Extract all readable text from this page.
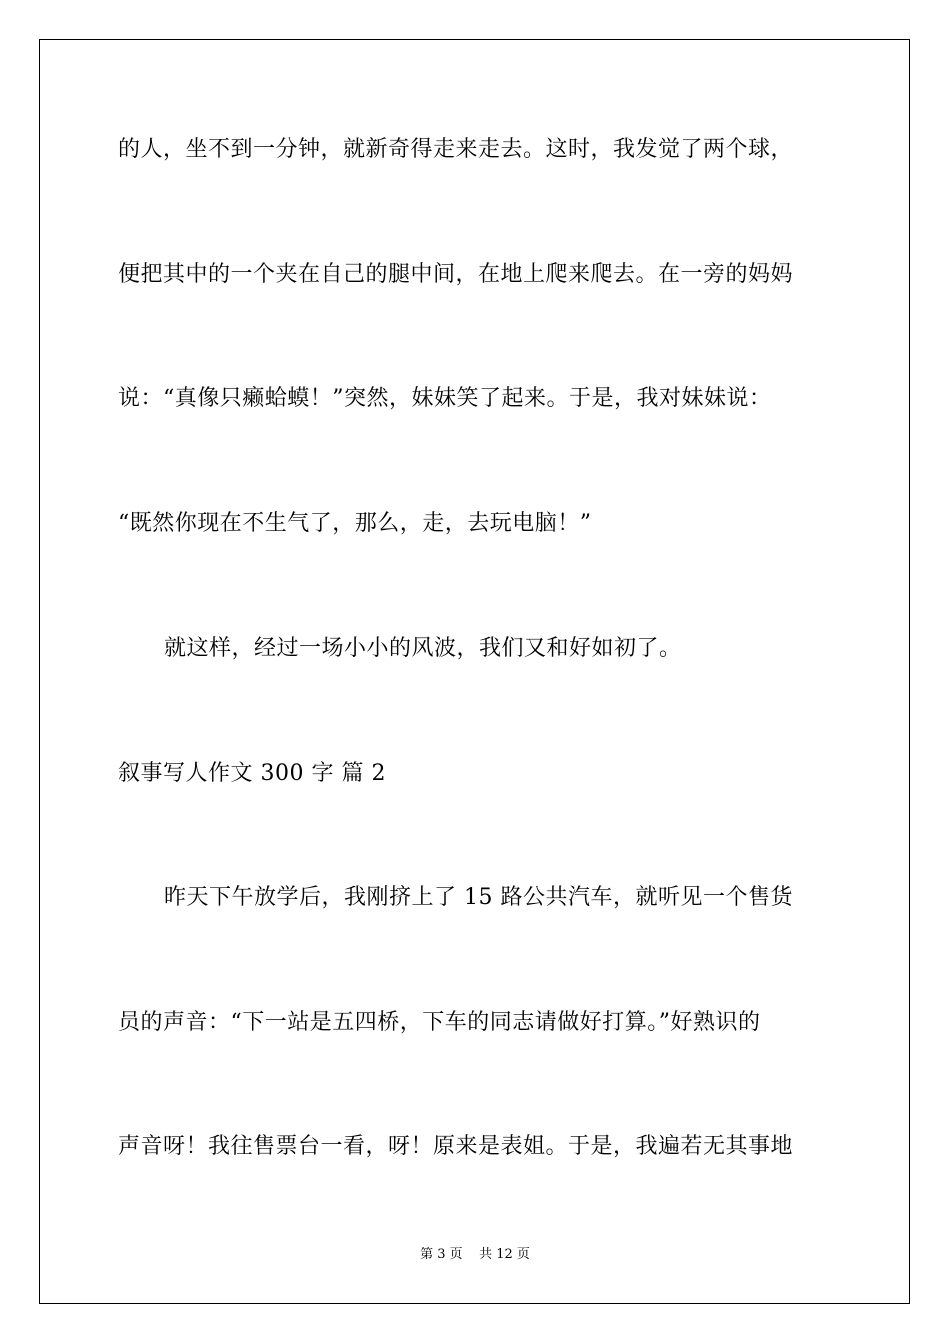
的人，坐不到一分钟，就新奇得走来走去。这时，我发觉了两个球，
便把其中的一个夹在自己的腿中间，在地上爬来爬去。在一旁的妈妈
说：“真像只癞蛤蟆！”突然，妹妹笑了起来。于是，我对妹妹说：
“既然你现在不生气了，那么，走，去玩电脑！”
就这样，经过一场小小的风波，我们又和好如初了。
叙事写人作文 300 字 篇 2
昨天下午放学后，我刚挤上了 15 路公共汽车，就听见一个售货
员的声音：“下一站是五四桥，下车的同志请做好打算。”好熟识的
声音呀！我往售票台一看，呀！原来是表姐。于是，我遍若无其事地
第 3 页    共 12 页
